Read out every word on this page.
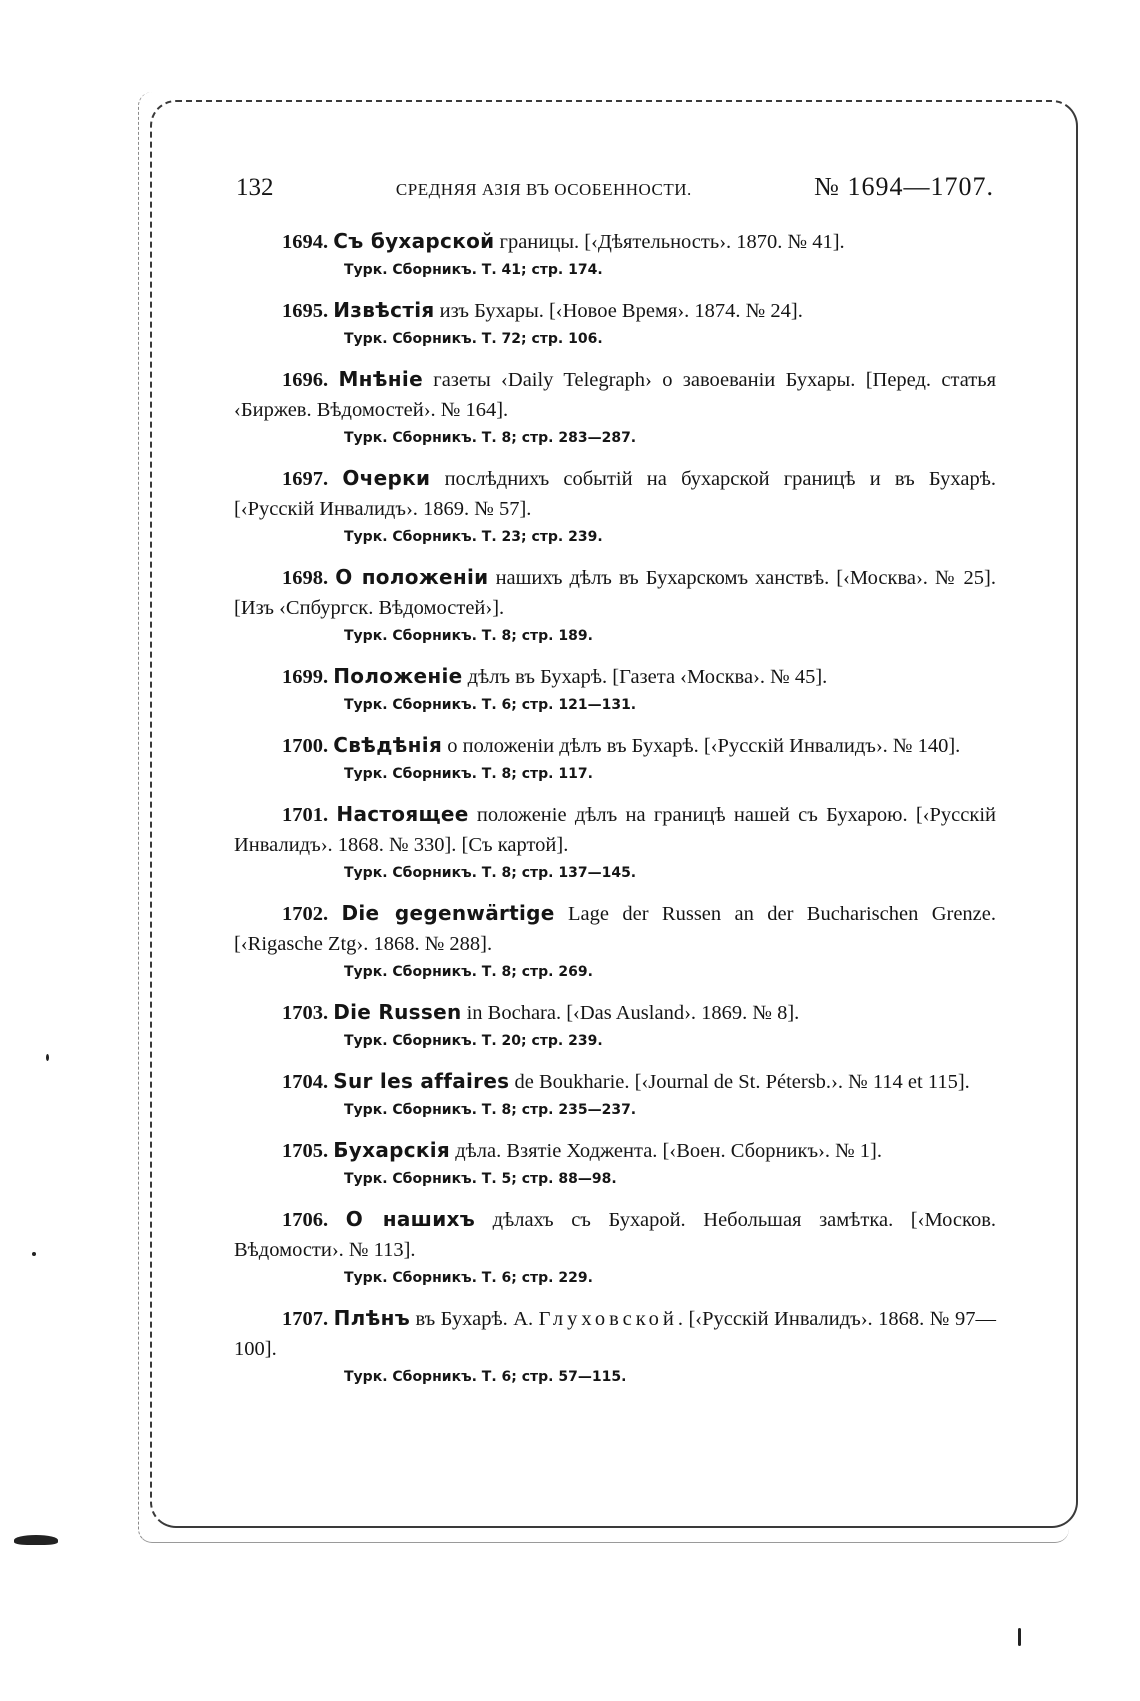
132	СРЕДНЯЯ АЗІЯ ВЪ ОСОБЕННОСТИ.	№ 1694—1707.

1694. Съ бухарской границы. [‹Дѣятельность›. 1870. № 41].

Турк. Сборникъ. Т. 41; стр. 174.

1695. Извѣстія изъ Бухары. [‹Новое Время›. 1874. № 24].

Турк. Сборникъ. Т. 72; стр. 106.

1696. Мнѣніе газеты ‹Daily Telegraph› о завоеваніи Бухары. [Перед. статья ‹Биржев. Вѣдомостей›. № 164].

Турк. Сборникъ. Т. 8; стр. 283—287.

1697. Очерки послѣднихъ событій на бухарской границѣ и въ Бухарѣ. [‹Русскій Инвалидъ›. 1869. № 57].

Турк. Сборникъ. Т. 23; стр. 239.

1698. О положеніи нашихъ дѣлъ въ Бухарскомъ ханствѣ. [‹Москва›. № 25]. [Изъ ‹Спбургск. Вѣдомостей›].

Турк. Сборникъ. Т. 8; стр. 189.

1699. Положеніе дѣлъ въ Бухарѣ. [Газета ‹Москва›. № 45].

Турк. Сборникъ. Т. 6; стр. 121—131.

1700. Свѣдѣнія о положеніи дѣлъ въ Бухарѣ. [‹Русскій Инвалидъ›. № 140].

Турк. Сборникъ. Т. 8; стр. 117.

1701. Настоящее положеніе дѣлъ на границѣ нашей съ Бухарою. [‹Русскій Инвалидъ›. 1868. № 330]. [Съ картой].

Турк. Сборникъ. Т. 8; стр. 137—145.

1702. Die gegenwärtige Lage der Russen an der Bucharischen Grenze. [‹Rigasche Ztg›. 1868. № 288].

Турк. Сборникъ. Т. 8; стр. 269.

1703. Die Russen in Bochara. [‹Das Ausland›. 1869. № 8].

Турк. Сборникъ. Т. 20; стр. 239.

1704. Sur les affaires de Boukharie. [‹Journal de St. Pétersb.›. № 114 et 115].

Турк. Сборникъ. Т. 8; стр. 235—237.

1705. Бухарскія дѣла. Взятіе Ходжента. [‹Воен. Сборникъ›. № 1].

Турк. Сборникъ. Т. 5; стр. 88—98.

1706. О нашихъ дѣлахъ съ Бухарой. Небольшая замѣтка. [‹Москов. Вѣдомости›. № 113].

Турк. Сборникъ. Т. 6; стр. 229.

1707. Плѣнъ въ Бухарѣ. А. Глуховской. [‹Русскій Инвалидъ›. 1868. № 97—100].

Турк. Сборникъ. Т. 6; стр. 57—115.
